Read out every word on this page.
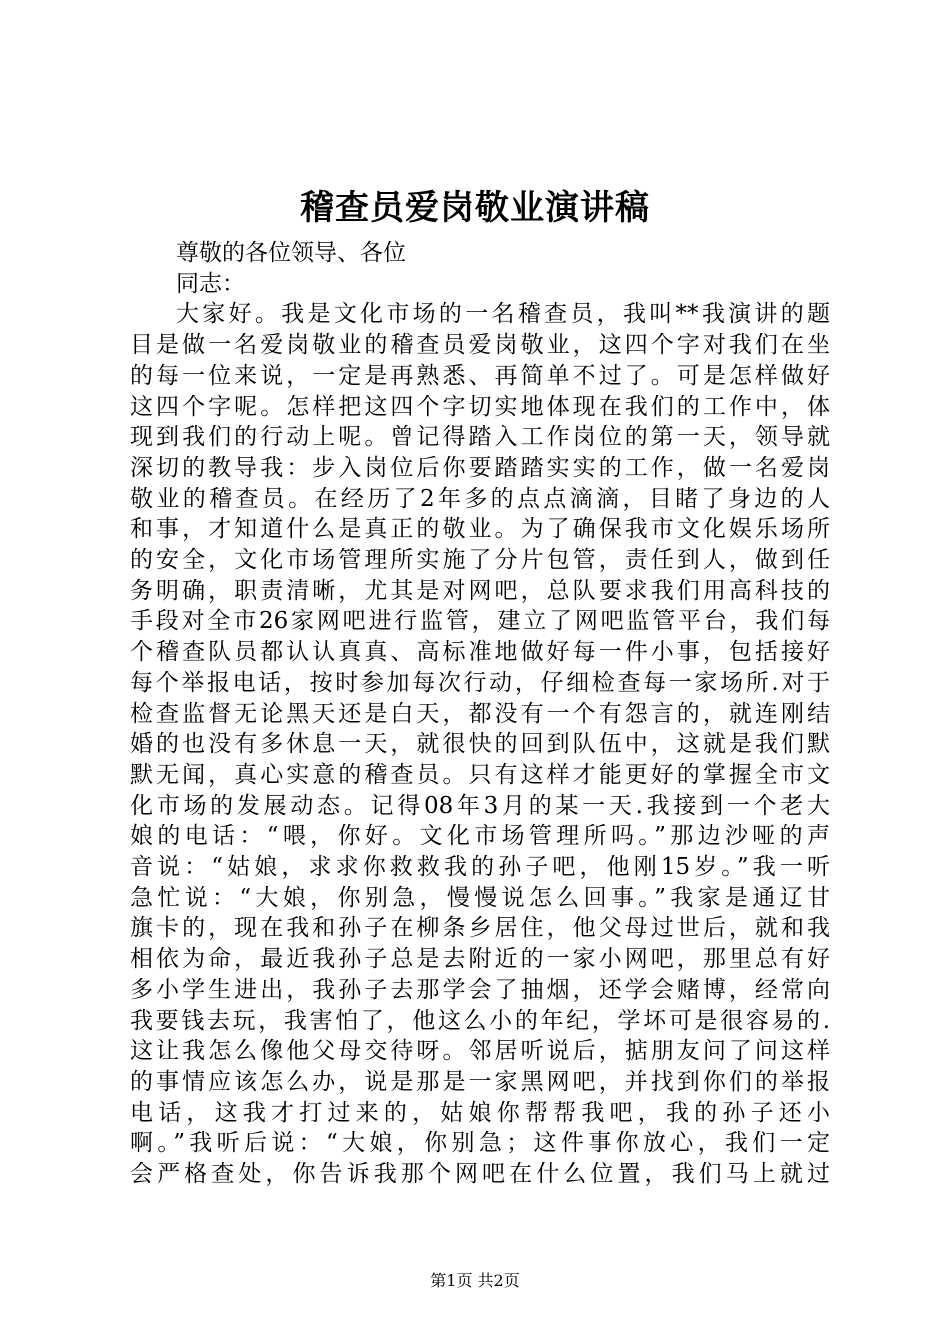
稽查员爱岗敬业演讲稿
尊敬的各位领导、各位
同志：
大家好。我是文化市场的一名稽查员，我叫**我演讲的题
目是做一名爱岗敬业的稽查员爱岗敬业，这四个字对我们在坐
的每一位来说，一定是再熟悉、再简单不过了。可是怎样做好
这四个字呢。怎样把这四个字切实地体现在我们的工作中，体
现到我们的行动上呢。曾记得踏入工作岗位的第一天，领导就
深切的教导我：步入岗位后你要踏踏实实的工作，做一名爱岗
敬业的稽查员。在经历了2年多的点点滴滴，目睹了身边的人
和事，才知道什么是真正的敬业。为了确保我市文化娱乐场所
的安全，文化市场管理所实施了分片包管，责任到人，做到任
务明确，职责清晰，尤其是对网吧，总队要求我们用高科技的
手段对全市26家网吧进行监管，建立了网吧监管平台，我们每
个稽查队员都认认真真、高标准地做好每一件小事，包括接好
每个举报电话，按时参加每次行动，仔细检查每一家场所.对于
检查监督无论黑天还是白天，都没有一个有怨言的，就连刚结
婚的也没有多休息一天，就很快的回到队伍中，这就是我们默
默无闻，真心实意的稽查员。只有这样才能更好的掌握全市文
化市场的发展动态。记得08年3月的某一天.我接到一个老大
娘的电话：“喂，你好。文化市场管理所吗。”那边沙哑的声
音说：“姑娘，求求你救救我的孙子吧，他刚15岁。”我一听
急忙说：“大娘，你别急，慢慢说怎么回事。”我家是通辽甘
旗卡的，现在我和孙子在柳条乡居住，他父母过世后，就和我
相依为命，最近我孙子总是去附近的一家小网吧，那里总有好
多小学生进出，我孙子去那学会了抽烟，还学会赌博，经常向
我要钱去玩，我害怕了，他这么小的年纪，学坏可是很容易的.
这让我怎么像他父母交待呀。邻居听说后，掂朋友问了问这样
的事情应该怎么办，说是那是一家黑网吧，并找到你们的举报
电话，这我才打过来的，姑娘你帮帮我吧，我的孙子还小
啊。”我听后说：“大娘，你别急；这件事你放心，我们一定
会严格查处，你告诉我那个网吧在什么位置，我们马上就过
第1页 共2页
